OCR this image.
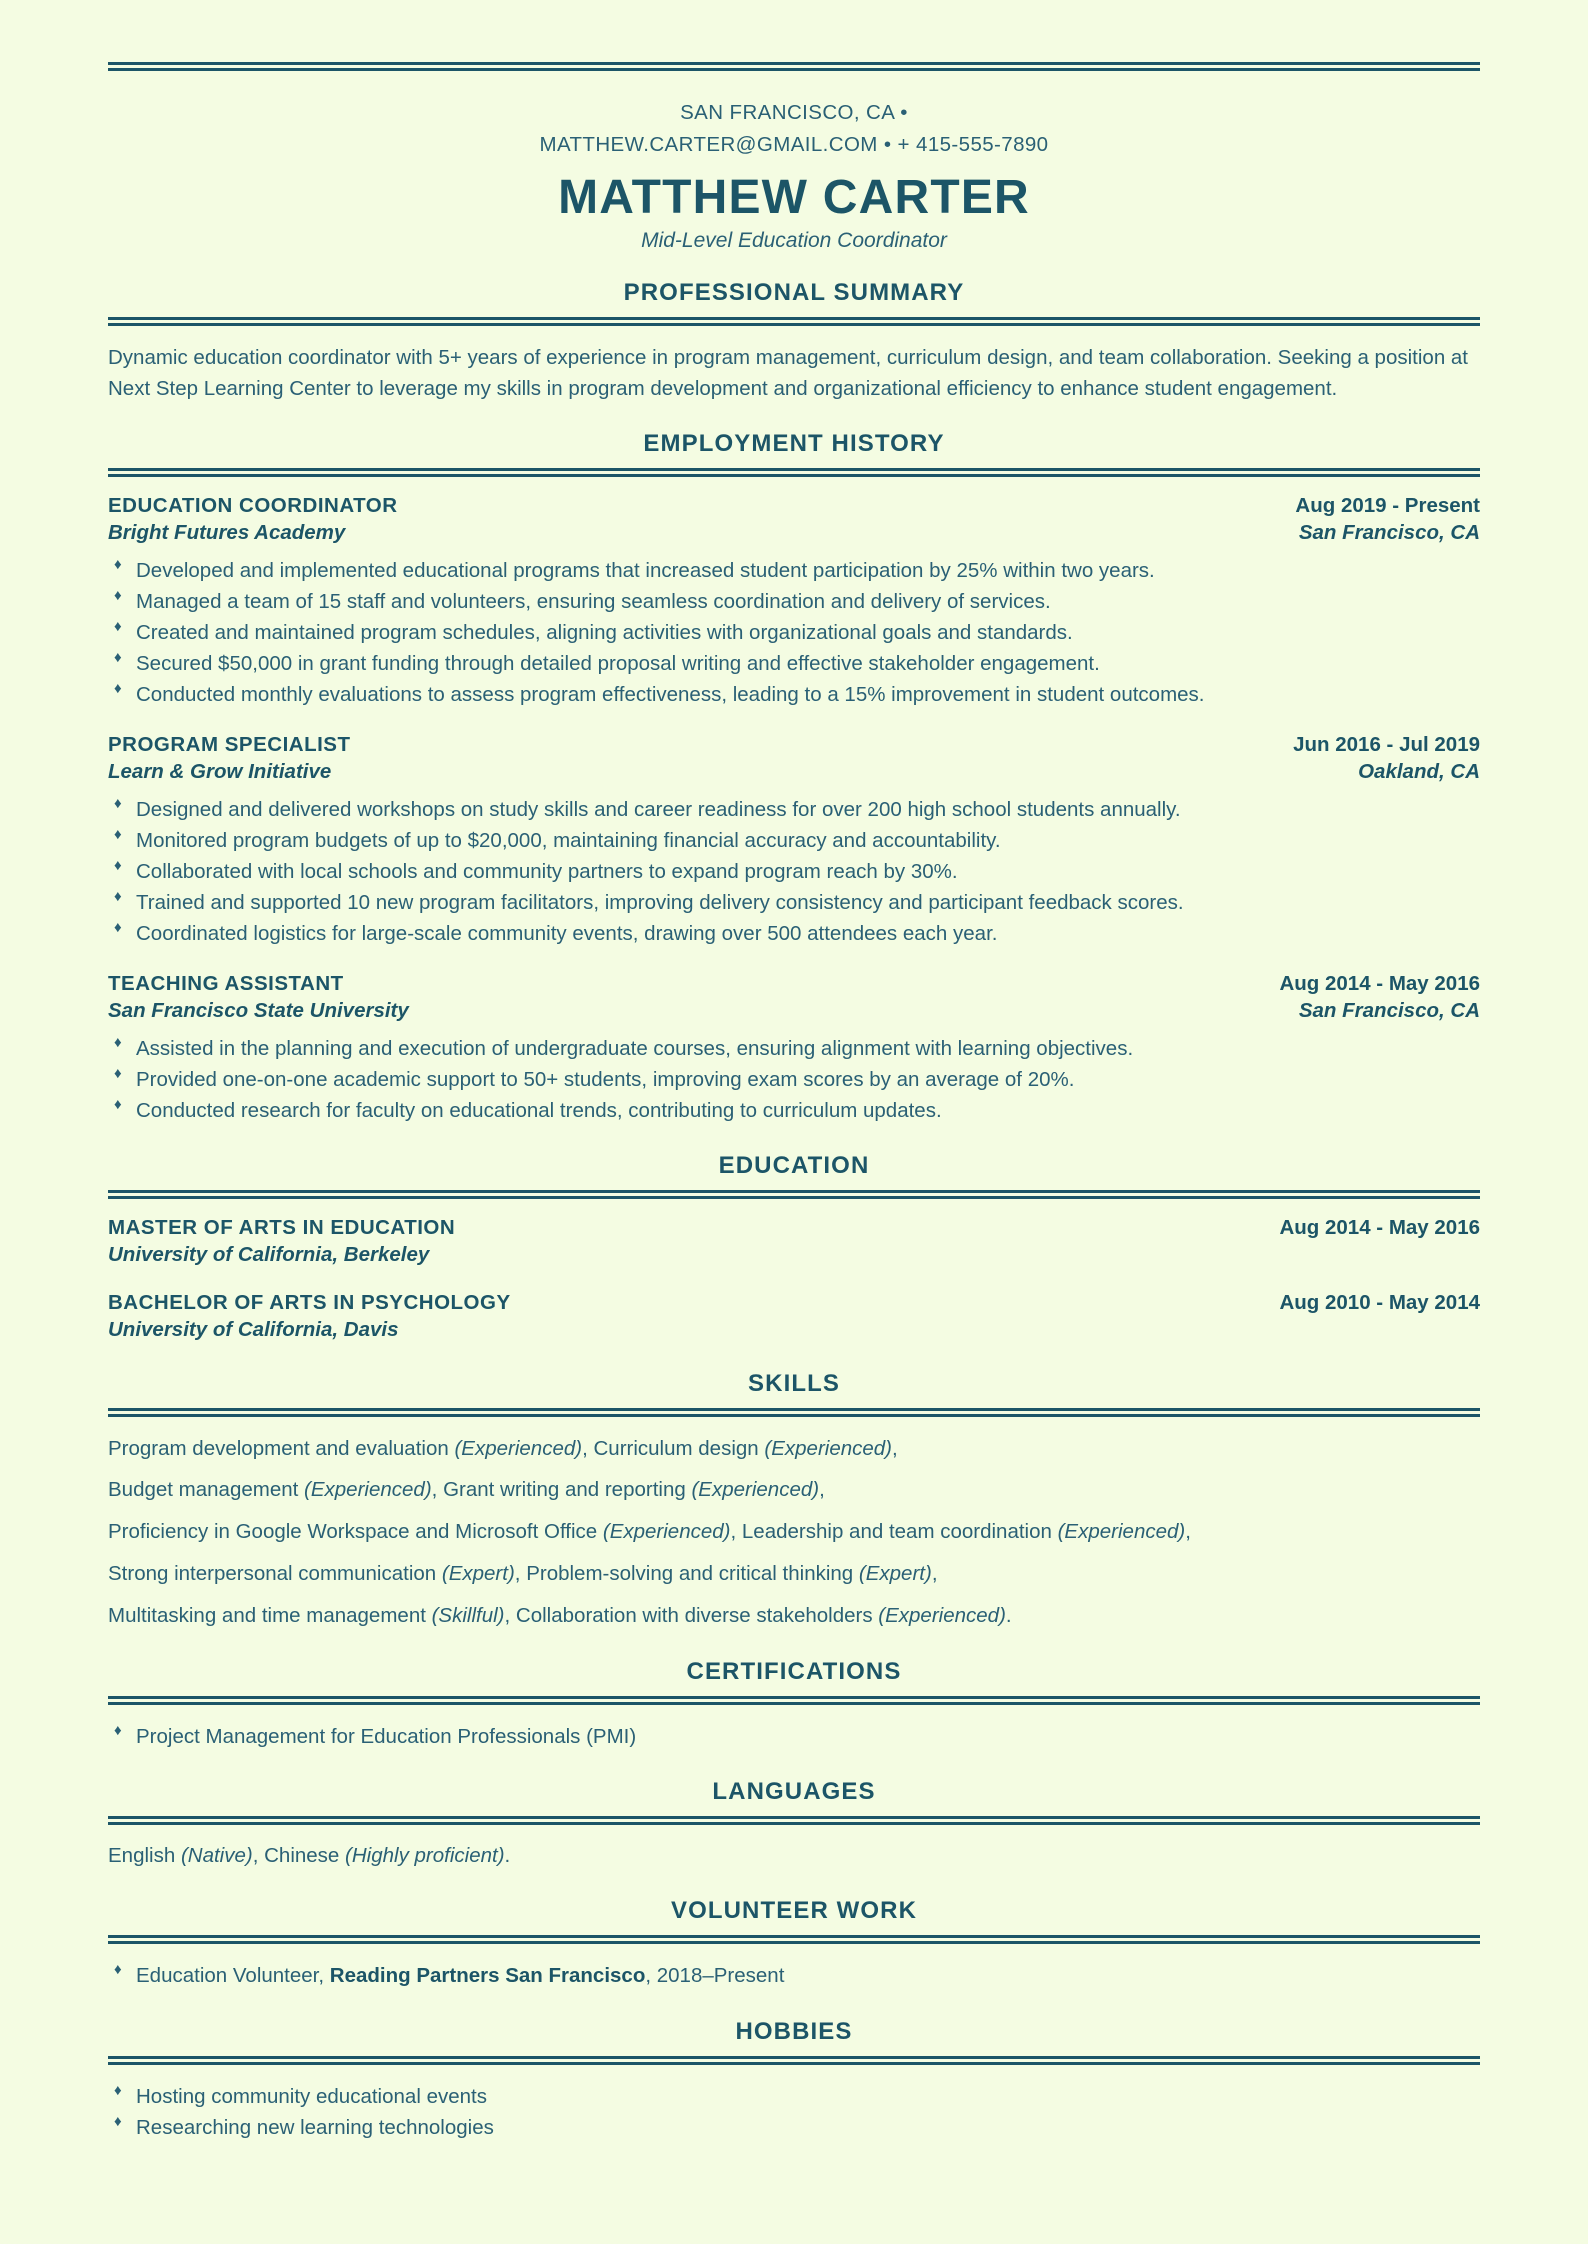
SAN FRANCISCO, CA •
MATTHEW.CARTER@GMAIL.COM • + 415-555-7890
MATTHEW CARTER
Mid-Level Education Coordinator
PROFESSIONAL SUMMARY
Dynamic education coordinator with 5+ years of experience in program management, curriculum design, and team collaboration. Seeking a position at Next Step Learning Center to leverage my skills in program development and organizational efficiency to enhance student engagement.
EMPLOYMENT HISTORY
EDUCATION COORDINATOR	Aug 2019 - Present
Bright Futures Academy	San Francisco, CA
♦ Developed and implemented educational programs that increased student participation by 25% within two years.
♦ Managed a team of 15 staff and volunteers, ensuring seamless coordination and delivery of services.
♦ Created and maintained program schedules, aligning activities with organizational goals and standards.
♦ Secured $50,000 in grant funding through detailed proposal writing and effective stakeholder engagement.
♦ Conducted monthly evaluations to assess program effectiveness, leading to a 15% improvement in student outcomes.
PROGRAM SPECIALIST	Jun 2016 - Jul 2019
Learn & Grow Initiative	Oakland, CA
♦ Designed and delivered workshops on study skills and career readiness for over 200 high school students annually.
♦ Monitored program budgets of up to $20,000, maintaining financial accuracy and accountability.
♦ Collaborated with local schools and community partners to expand program reach by 30%.
♦ Trained and supported 10 new program facilitators, improving delivery consistency and participant feedback scores.
♦ Coordinated logistics for large-scale community events, drawing over 500 attendees each year.
TEACHING ASSISTANT	Aug 2014 - May 2016
San Francisco State University	San Francisco, CA
♦ Assisted in the planning and execution of undergraduate courses, ensuring alignment with learning objectives.
♦ Provided one-on-one academic support to 50+ students, improving exam scores by an average of 20%.
♦ Conducted research for faculty on educational trends, contributing to curriculum updates.
EDUCATION
MASTER OF ARTS IN EDUCATION	Aug 2014 - May 2016
University of California, Berkeley
BACHELOR OF ARTS IN PSYCHOLOGY	Aug 2010 - May 2014
University of California, Davis
SKILLS
Program development and evaluation (Experienced), Curriculum design (Experienced),
Budget management (Experienced), Grant writing and reporting (Experienced),
Proficiency in Google Workspace and Microsoft Office (Experienced), Leadership and team coordination (Experienced),
Strong interpersonal communication (Expert), Problem-solving and critical thinking (Expert),
Multitasking and time management (Skillful), Collaboration with diverse stakeholders (Experienced).
CERTIFICATIONS
♦ Project Management for Education Professionals (PMI)
LANGUAGES
English (Native), Chinese (Highly proficient).
VOLUNTEER WORK
♦ Education Volunteer, Reading Partners San Francisco, 2018–Present
HOBBIES
♦ Hosting community educational events
♦ Researching new learning technologies
